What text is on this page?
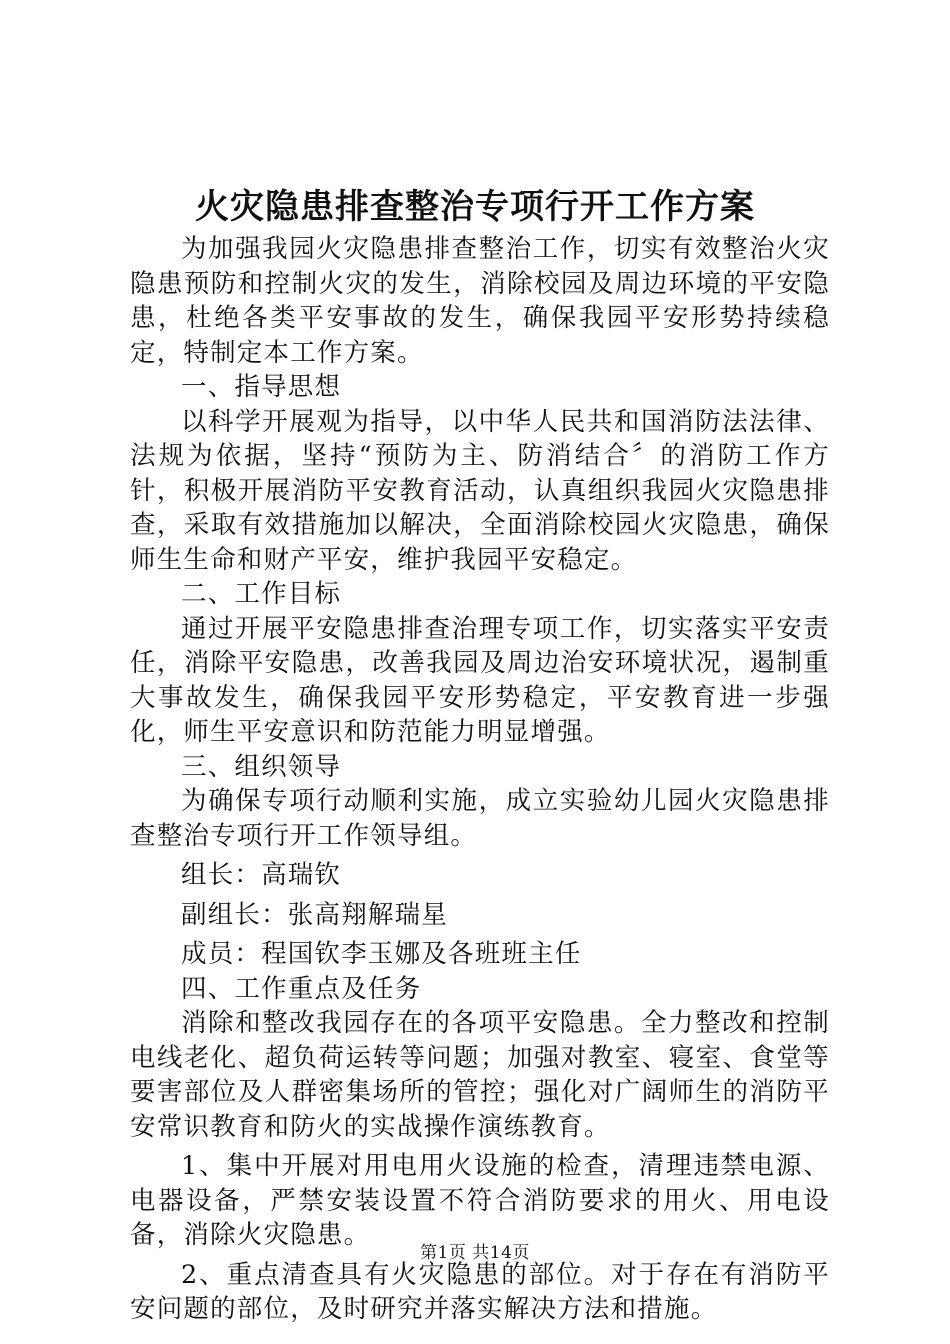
火灾隐患排查整治专项行开工作方案

为加强我园火灾隐患排查整治工作，切实有效整治火灾隐患预防和控制火灾的发生，消除校园及周边环境的平安隐患，杜绝各类平安事故的发生，确保我园平安形势持续稳定，特制定本工作方案。

一、指导思想

以科学开展观为指导，以中华人民共和国消防法法律、法规为依据，坚持“预防为主、防消结合〞的消防工作方针，积极开展消防平安教育活动，认真组织我园火灾隐患排查，采取有效措施加以解决，全面消除校园火灾隐患，确保师生生命和财产平安，维护我园平安稳定。

二、工作目标

通过开展平安隐患排查治理专项工作，切实落实平安责任，消除平安隐患，改善我园及周边治安环境状况，遏制重大事故发生，确保我园平安形势稳定，平安教育进一步强化，师生平安意识和防范能力明显增强。

三、组织领导

为确保专项行动顺利实施，成立实验幼儿园火灾隐患排查整治专项行开工作领导组。

组长：高瑞钦

副组长：张高翔解瑞星

成员：程国钦李玉娜及各班班主任

四、工作重点及任务

消除和整改我园存在的各项平安隐患。全力整改和控制电线老化、超负荷运转等问题；加强对教室、寝室、食堂等要害部位及人群密集场所的管控；强化对广阔师生的消防平安常识教育和防火的实战操作演练教育。

1、集中开展对用电用火设施的检查，清理违禁电源、电器设备，严禁安装设置不符合消防要求的用火、用电设备，消除火灾隐患。

2、重点清查具有火灾隐患的部位。对于存在有消防平安问题的部位，及时研究并落实解决方法和措施。

第1页 共14页
